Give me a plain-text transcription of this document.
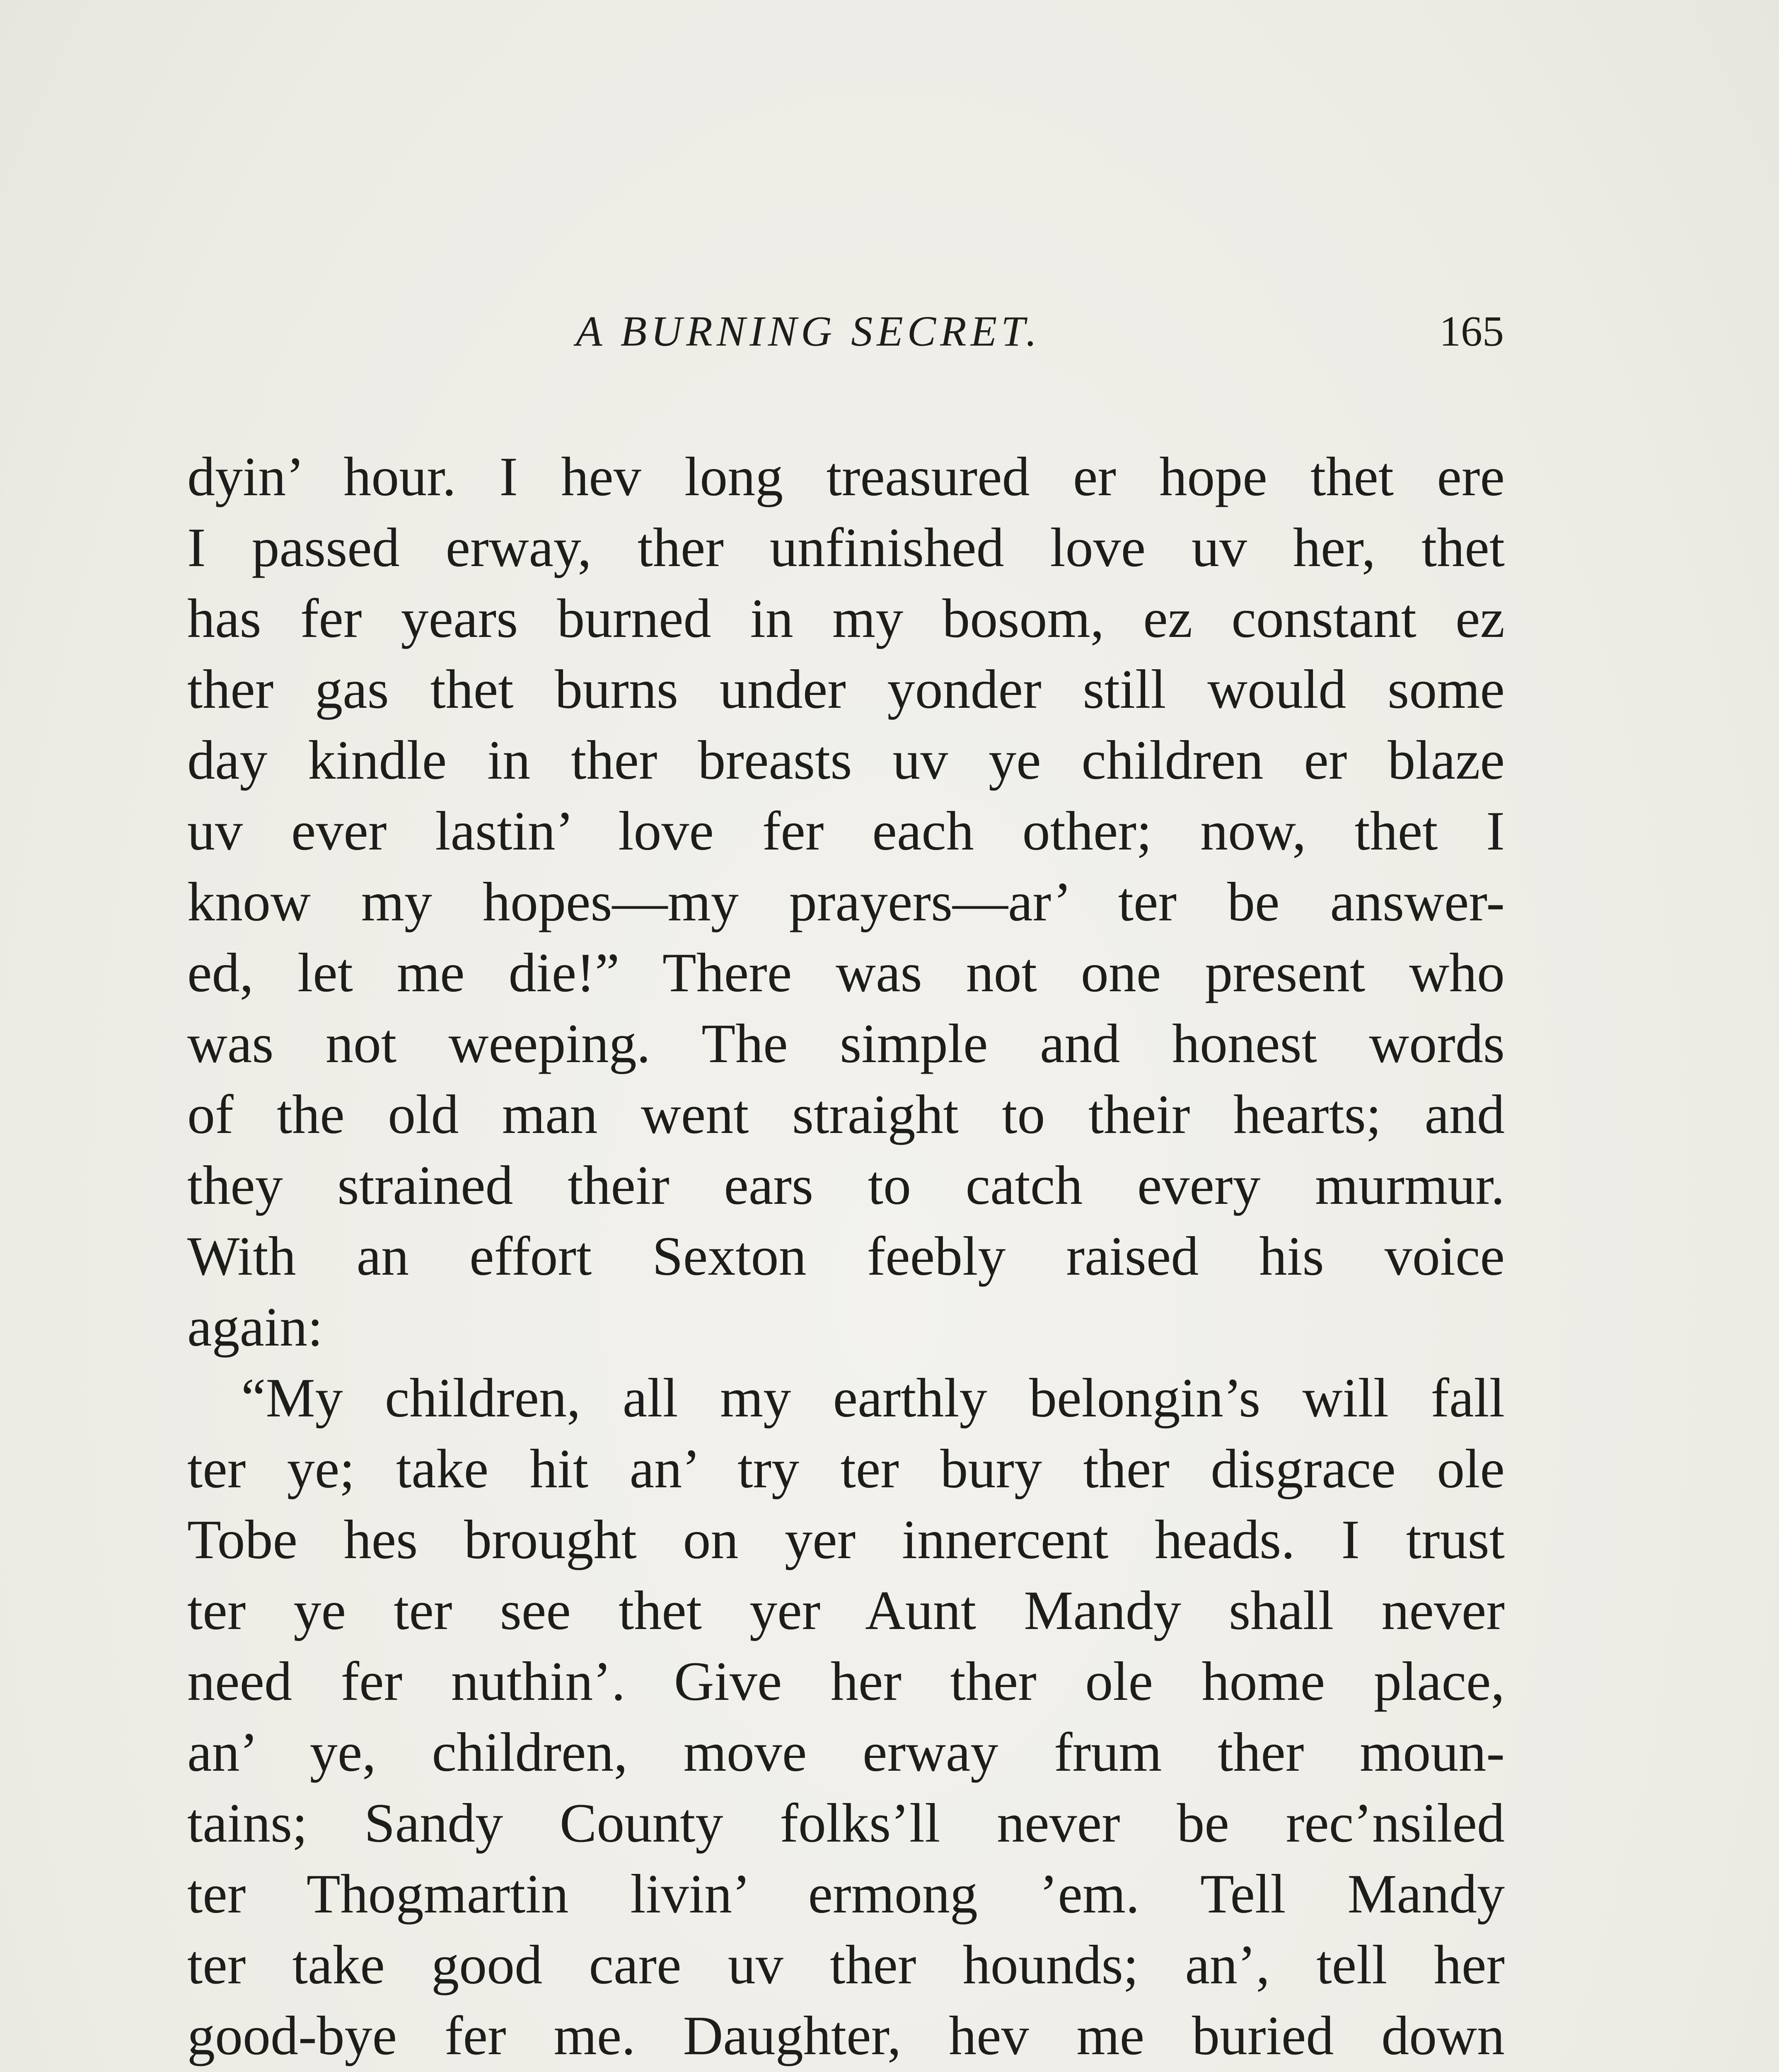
A BURNING SECRET.	165
dyin’ hour. I hev long treasured er hope thet ere
I passed erway, ther unfinished love uv her, thet
has fer years burned in my bosom, ez constant ez
ther gas thet burns under yonder still would some
day kindle in ther breasts uv ye children er blaze
uv ever lastin’ love fer each other; now, thet I
know my hopes—my prayers—ar’ ter be answer-
ed, let me die!” There was not one present who
was not weeping. The simple and honest words
of the old man went straight to their hearts; and
they strained their ears to catch every murmur.
With an effort Sexton feebly raised his voice
again:
“My children, all my earthly belongin’s will fall
ter ye; take hit an’ try ter bury ther disgrace ole
Tobe hes brought on yer innercent heads. I trust
ter ye ter see thet yer Aunt Mandy shall never
need fer nuthin’. Give her ther ole home place,
an’ ye, children, move erway frum ther moun-
tains; Sandy County folks’ll never be rec’nsiled
ter Thogmartin livin’ ermong ’em. Tell Mandy
ter take good care uv ther hounds; an’, tell her
good-bye fer me. Daughter, hev me buried down
